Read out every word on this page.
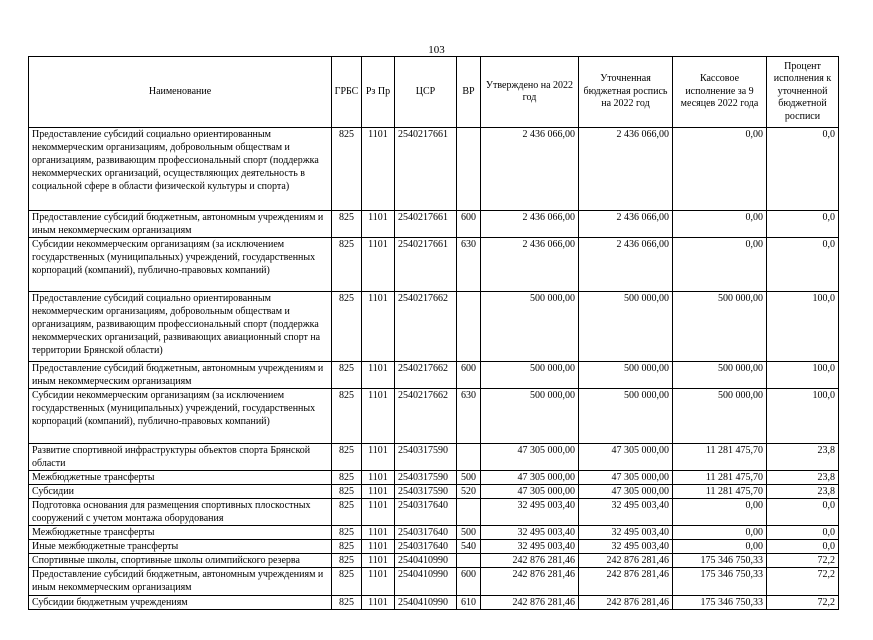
103
Наименование	ГРБС	Рз Пр	ЦСР	ВР	Утверждено на 2022 год	Уточненная бюджетная роспись на 2022 год	Кассовое исполнение за 9 месяцев 2022 года	Процент исполнения к уточненной бюджетной росписи
Предоставление субсидий социально ориентированным некоммерческим организациям, добровольным обществам и организациям, развивающим профессиональный спорт (поддержка некоммерческих организаций, осуществляющих деятельность в социальной сфере в области физической культуры и спорта)	825	1101	2540217661		2 436 066,00	2 436 066,00	0,00	0,0
Предоставление субсидий бюджетным, автономным учреждениям и иным некоммерческим организациям	825	1101	2540217661	600	2 436 066,00	2 436 066,00	0,00	0,0
Субсидии некоммерческим организациям (за исключением государственных (муниципальных) учреждений, государственных корпораций (компаний), публично-правовых компаний)	825	1101	2540217661	630	2 436 066,00	2 436 066,00	0,00	0,0
Предоставление субсидий социально ориентированным некоммерческим организациям, добровольным обществам и организациям, развивающим профессиональный спорт (поддержка некоммерческих организаций, развивающих авиационный спорт на территории Брянской области)	825	1101	2540217662		500 000,00	500 000,00	500 000,00	100,0
Предоставление субсидий бюджетным, автономным учреждениям и иным некоммерческим организациям	825	1101	2540217662	600	500 000,00	500 000,00	500 000,00	100,0
Субсидии некоммерческим организациям (за исключением государственных (муниципальных) учреждений, государственных корпораций (компаний), публично-правовых компаний)	825	1101	2540217662	630	500 000,00	500 000,00	500 000,00	100,0
Развитие спортивной инфраструктуры объектов спорта Брянской области	825	1101	2540317590		47 305 000,00	47 305 000,00	11 281 475,70	23,8
Межбюджетные трансферты	825	1101	2540317590	500	47 305 000,00	47 305 000,00	11 281 475,70	23,8
Субсидии	825	1101	2540317590	520	47 305 000,00	47 305 000,00	11 281 475,70	23,8
Подготовка основания для размещения спортивных плоскостных сооружений с учетом монтажа оборудования	825	1101	2540317640		32 495 003,40	32 495 003,40	0,00	0,0
Межбюджетные трансферты	825	1101	2540317640	500	32 495 003,40	32 495 003,40	0,00	0,0
Иные межбюджетные трансферты	825	1101	2540317640	540	32 495 003,40	32 495 003,40	0,00	0,0
Спортивные школы, спортивные школы олимпийского резерва	825	1101	2540410990		242 876 281,46	242 876 281,46	175 346 750,33	72,2
Предоставление субсидий бюджетным, автономным учреждениям и иным некоммерческим организациям	825	1101	2540410990	600	242 876 281,46	242 876 281,46	175 346 750,33	72,2
Субсидии бюджетным учреждениям	825	1101	2540410990	610	242 876 281,46	242 876 281,46	175 346 750,33	72,2
